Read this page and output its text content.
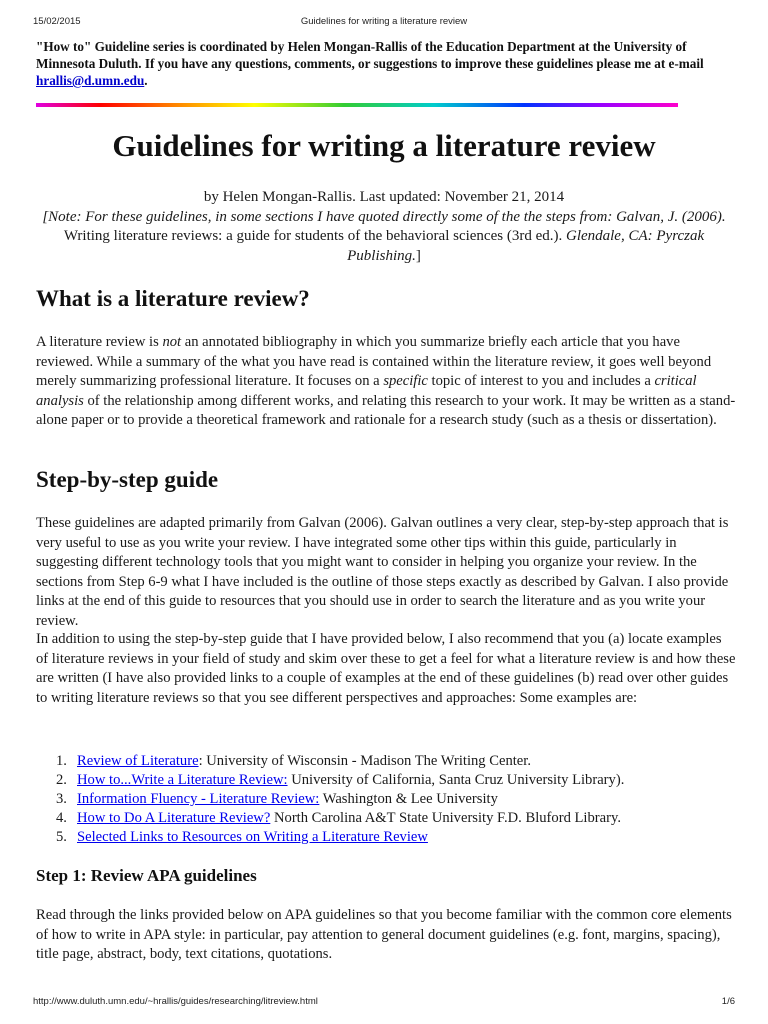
15/02/2015	Guidelines for writing a literature review
"How to" Guideline series is coordinated by Helen Mongan-Rallis of the Education Department at the University of Minnesota Duluth. If you have any questions, comments, or suggestions to improve these guidelines please me at e-mail hrallis@d.umn.edu.
Guidelines for writing a literature review
by Helen Mongan-Rallis. Last updated: November 21, 2014
[Note: For these guidelines, in some sections I have quoted directly some of the the steps from: Galvan, J. (2006). Writing literature reviews: a guide for students of the behavioral sciences (3rd ed.). Glendale, CA: Pyrczak Publishing.]
What is a literature review?

A literature review is not an annotated bibliography in which you summarize briefly each article that you have reviewed. While a summary of the what you have read is contained within the literature review, it goes well beyond merely summarizing professional literature. It focuses on a specific topic of interest to you and includes a critical analysis of the relationship among different works, and relating this research to your work. It may be written as a stand-alone paper or to provide a theoretical framework and rationale for a research study (such as a thesis or dissertation).

Step-by-step guide

These guidelines are adapted primarily from Galvan (2006). Galvan outlines a very clear, step-by-step approach that is very useful to use as you write your review. I have integrated some other tips within this guide, particularly in suggesting different technology tools that you might want to consider in helping you organize your review. In the sections from Step 6-9 what I have included is the outline of those steps exactly as described by Galvan. I also provide links at the end of this guide to resources that you should use in order to search the literature and as you write your review.

In addition to using the step-by-step guide that I have provided below, I also recommend that you (a) locate examples of literature reviews in your field of study and skim over these to get a feel for what a literature review is and how these are written (I have also provided links to a couple of examples at the end of these guidelines (b) read over other guides to writing literature reviews so that you see different perspectives and approaches: Some examples are:

1. Review of Literature: University of Wisconsin - Madison The Writing Center.
2. How to...Write a Literature Review: University of California, Santa Cruz University Library).
3. Information Fluency - Literature Review: Washington & Lee University
4. How to Do A Literature Review? North Carolina A&T State University F.D. Bluford Library.
5. Selected Links to Resources on Writing a Literature Review
Step 1: Review APA guidelines

Read through the links provided below on APA guidelines so that you become familiar with the common core elements of how to write in APA style: in particular, pay attention to general document guidelines (e.g. font, margins, spacing), title page, abstract, body, text citations, quotations.

http://www.duluth.umn.edu/~hrallis/guides/researching/litreview.html	1/6
